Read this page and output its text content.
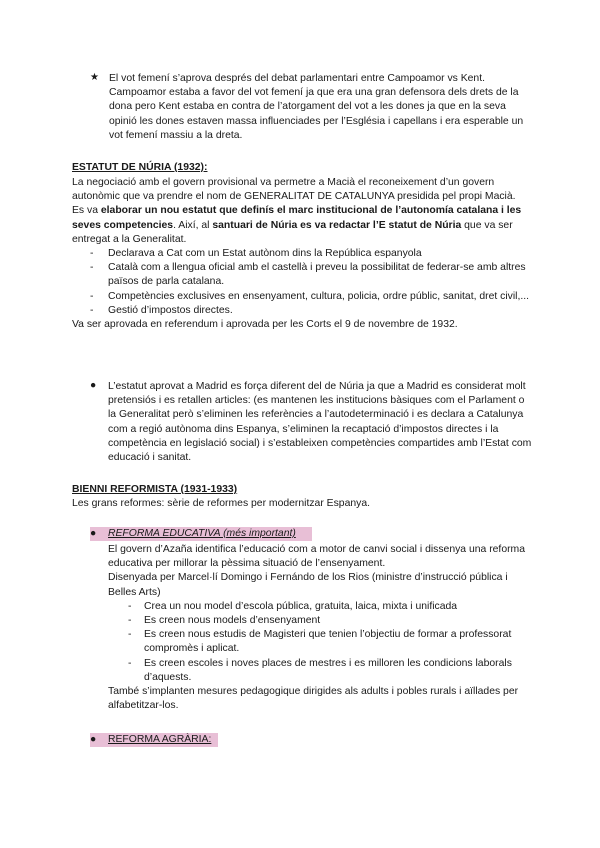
★ El vot femení s’aprova després del debat parlamentari entre Campoamor vs Kent. Campoamor estaba a favor del vot femení ja que era una gran defensora dels drets de la dona pero Kent estaba en contra de l’atorgament del vot a les dones ja que en la seva opinió les dones estaven massa influenciades per l’Església i capellans i era esperable un vot femení massiu a la dreta.

ESTATUT DE NÚRIA (1932):

La negociació amb el govern provisional va permetre a Macià el reconeixement d’un govern autonòmic que va prendre el nom de GENERALITAT DE CATALUNYA presidida pel propi Macià.

Es va elaborar un nou estatut que definís el marc institucional de l’autonomía catalana i les seves competencies. Així, al santuari de Núria es va redactar l’E statut de Núria que va ser entregat a la Generalitat.

- Declarava a Cat com un Estat autònom dins la República espanyola
- Català com a llengua oficial amb el castellà i preveu la possibilitat de federar-se amb altres països de parla catalana.
- Competències exclusives en ensenyament, cultura, policia, ordre públic, sanitat, dret civil,...
- Gestió d’impostos directes.

Va ser aprovada en referendum i aprovada per les Corts el 9 de novembre de 1932.

● L’estatut aprovat a Madrid es força diferent del de Núria ja que a Madrid es considerat molt pretensiós i es retallen articles: (es mantenen les institucions bàsiques com el Parlament o la Generalitat però s’eliminen les referències a l’autodeterminació i es declara a Catalunya com a regió autònoma dins Espanya, s’eliminen la recaptació d’impostos directes i la competència en legislació social) i s’estableixen competències compartides amb l’Estat com educació i sanitat.

BIENNI REFORMISTA (1931-1933)

Les grans reformes: sèrie de reformes per modernitzar Espanya.

● REFORMA EDUCATIVA (més important)

El govern d’Azaña identifica l’educació com a motor de canvi social i dissenya una reforma educativa per millorar la pèssima situació de l’ensenyament.

Disenyada per Marcel·lí Domingo i Fernándo de los Rios (ministre d’instrucció pública i Belles Arts)

- Crea un nou model d’escola pública, gratuita, laica, mixta i unificada
- Es creen nous models d’ensenyament
- Es creen nous estudis de Magisteri que tenien l’objectiu de formar a professorat compromès i aplicat.
- Es creen escoles i noves places de mestres i es milloren les condicions laborals d’aquests.

També s’implanten mesures pedagogique dirigides als adults i pobles rurals i aïllades per alfabetitzar-los.

● REFORMA AGRÀRIA:
